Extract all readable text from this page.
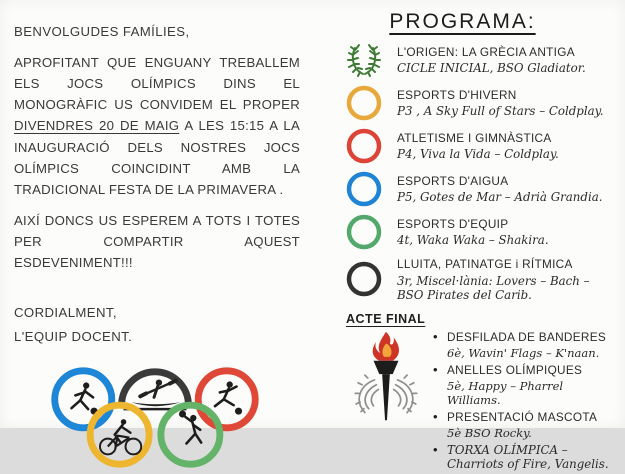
BENVOLGUDES FAMÍLIES,

APROFITANT QUE ENGUANY TREBALLEM ELS JOCS OLÍMPICS DINS EL MONOGRÀFIC US CONVIDEM EL PROPER DIVENDRES 20 DE MAIG A LES 15:15 A LA INAUGURACIÓ DELS NOSTRES JOCS OLÍMPICS COINCIDINT AMB LA TRADICIONAL FESTA DE LA PRIMAVERA .

AIXÍ DONCS US ESPEREM A TOTS I TOTES PER COMPARTIR AQUEST ESDEVENIMENT!!!

CORDIALMENT,

L'EQUIP DOCENT.

PROGRAMA:
L'ORIGEN: LA GRÈCIA ANTIGA
CICLE INICIAL, BSO Gladiator.
ESPORTS D'HIVERN
P3 , A Sky Full of Stars – Coldplay.
ATLETISME I GIMNÀSTICA
P4, Viva la Vida – Coldplay.
ESPORTS D'AIGUA
P5, Gotes de Mar – Adrià Grandia.
ESPORTS D'EQUIP
4t, Waka Waka – Shakira.
LLUITA, PATINATGE i RÍTMICA
3r, Miscel·lània: Lovers – Bach – BSO Pirates del Carib.
ACTE FINAL
• DESFILADA DE BANDERES
6è, Wavin' Flags – K'naan.
• ANELLES OLÍMPIQUES
5è, Happy – Pharrel Williams.
• PRESENTACIÓ MASCOTA
5è BSO Rocky.
• TORXA OLÍMPICA – Charriots of Fire, Vangelis.
